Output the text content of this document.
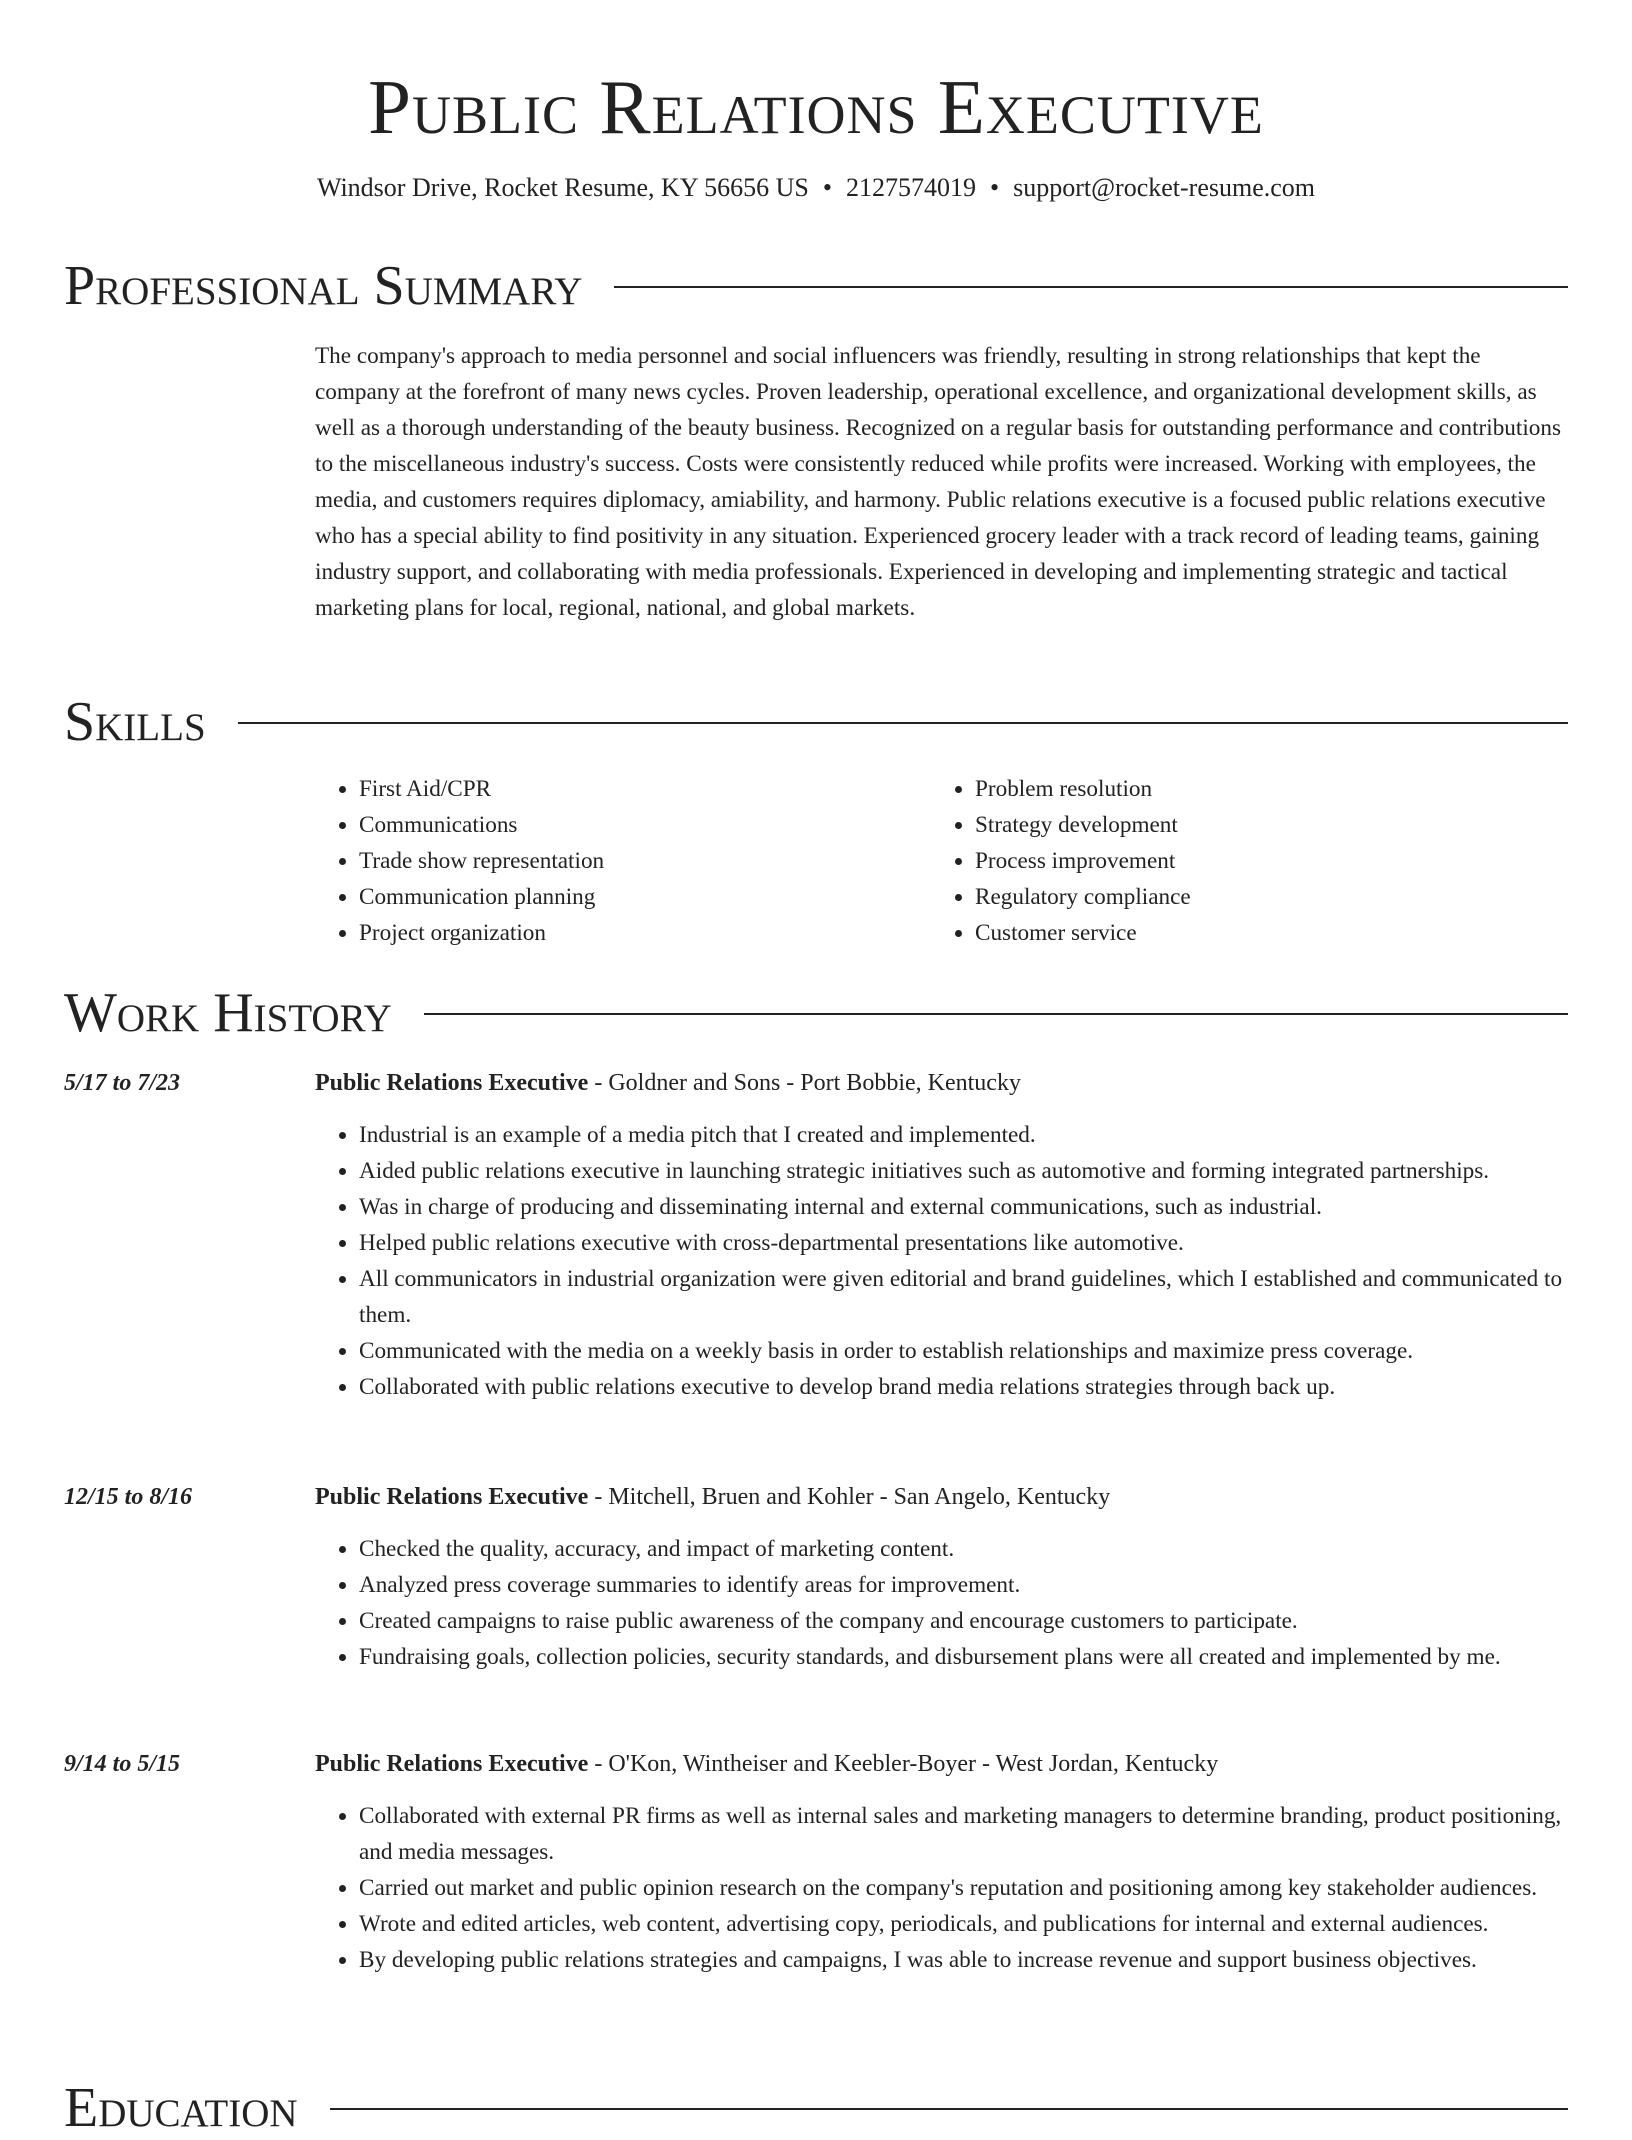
Public Relations Executive
Windsor Drive, Rocket Resume, KY 56656 US • 2127574019 • support@rocket-resume.com
Professional Summary

The company's approach to media personnel and social influencers was friendly, resulting in strong relationships that kept the company at the forefront of many news cycles. Proven leadership, operational excellence, and organizational development skills, as well as a thorough understanding of the beauty business. Recognized on a regular basis for outstanding performance and contributions to the miscellaneous industry's success. Costs were consistently reduced while profits were increased. Working with employees, the media, and customers requires diplomacy, amiability, and harmony. Public relations executive is a focused public relations executive who has a special ability to find positivity in any situation. Experienced grocery leader with a track record of leading teams, gaining industry support, and collaborating with media professionals. Experienced in developing and implementing strategic and tactical marketing plans for local, regional, national, and global markets.

Skills
• First Aid/CPR
• Communications
• Trade show representation
• Communication planning
• Project organization
• Problem resolution
• Strategy development
• Process improvement
• Regulatory compliance
• Customer service
Work History
5/17 to 7/23	Public Relations Executive - Goldner and Sons - Port Bobbie, Kentucky
• Industrial is an example of a media pitch that I created and implemented.
• Aided public relations executive in launching strategic initiatives such as automotive and forming integrated partnerships.
• Was in charge of producing and disseminating internal and external communications, such as industrial.
• Helped public relations executive with cross-departmental presentations like automotive.
• All communicators in industrial organization were given editorial and brand guidelines, which I established and communicated to them.
• Communicated with the media on a weekly basis in order to establish relationships and maximize press coverage.
• Collaborated with public relations executive to develop brand media relations strategies through back up.
12/15 to 8/16	Public Relations Executive - Mitchell, Bruen and Kohler - San Angelo, Kentucky
• Checked the quality, accuracy, and impact of marketing content.
• Analyzed press coverage summaries to identify areas for improvement.
• Created campaigns to raise public awareness of the company and encourage customers to participate.
• Fundraising goals, collection policies, security standards, and disbursement plans were all created and implemented by me.
9/14 to 5/15	Public Relations Executive - O'Kon, Wintheiser and Keebler-Boyer - West Jordan, Kentucky
• Collaborated with external PR firms as well as internal sales and marketing managers to determine branding, product positioning, and media messages.
• Carried out market and public opinion research on the company's reputation and positioning among key stakeholder audiences.
• Wrote and edited articles, web content, advertising copy, periodicals, and publications for internal and external audiences.
• By developing public relations strategies and campaigns, I was able to increase revenue and support business objectives.
Education
